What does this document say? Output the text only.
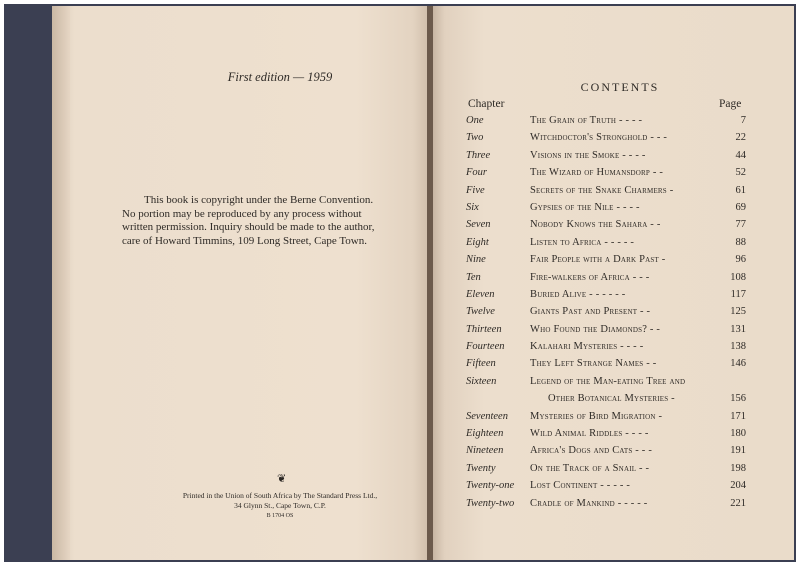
First edition — 1959
This book is copyright under the Berne Convention.
No portion may be reproduced by any process without
written permission. Inquiry should be made to the author,
care of Howard Timmins, 109 Long Street, Cape Town.
❦
Printed in the Union of South Africa by The Standard Press Ltd.,
34 Glynn St., Cape Town, C.P.
B 1704 OS
CONTENTS
Chapter	Page
One	The Grain of Truth - - - -	7
Two	Witchdoctor's Stronghold - - -	22
Three	Visions in the Smoke - - - -	44
Four	The Wizard of Humansdorp - -	52
Five	Secrets of the Snake Charmers -	61
Six	Gypsies of the Nile - - - -	69
Seven	Nobody Knows the Sahara - -	77
Eight	Listen to Africa - - - - -	88
Nine	Fair People with a Dark Past -	96
Ten	Fire-walkers of Africa - - -	108
Eleven	Buried Alive - - - - - -	117
Twelve	Giants Past and Present - -	125
Thirteen	Who Found the Diamonds? - -	131
Fourteen Kalahari Mysteries - - - -	138
Fifteen	They Left Strange Names - -	146
Sixteen	Legend of the Man-eating Tree and
Other Botanical Mysteries -	156
Seventeen Mysteries of Bird Migration -	171
Eighteen	Wild Animal Riddles - - - -	180
Nineteen	Africa's Dogs and Cats - - -	191
Twenty	On the Track of a Snail - -	198
Twenty-one Lost Continent - - - - -	204
Twenty-two Cradle of Mankind - - - - -	221
